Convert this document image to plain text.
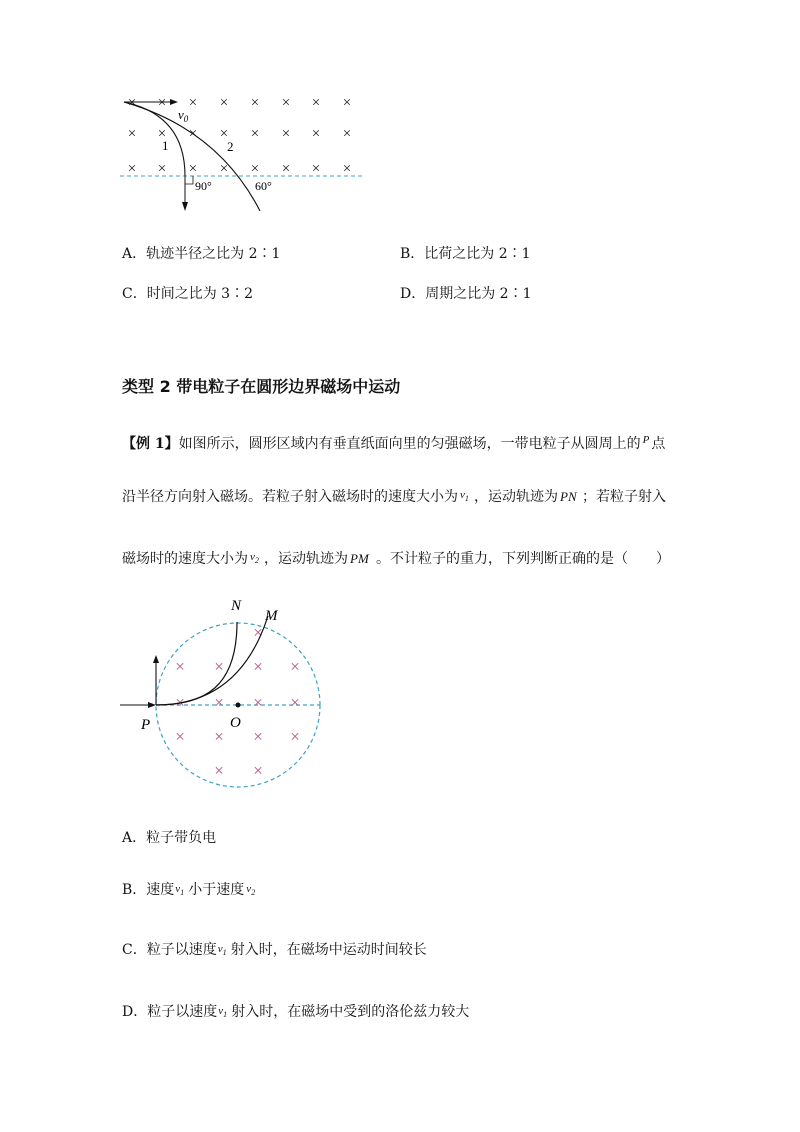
× × × × × × × ×
× × × × × × × ×
× × × × × × × ×
$v_0$
1	2
90°	60°
A．轨迹半径之比为 2∶1	B．比荷之比为 2∶1
C．时间之比为 3∶2	D．周期之比为 2∶1
类型 2 带电粒子在圆形边界磁场中运动
【例 1】如图所示，圆形区域内有垂直纸面向里的匀强磁场，一带电粒子从圆周上的 $^P$ 点
沿半径方向射入磁场。若粒子射入磁场时的速度大小为 $v_1$ ，运动轨迹为 PN ；若粒子射入
磁场时的速度大小为 $v_2$ ，运动轨迹为 PM 。不计粒子的重力，下列判断正确的是（　　）
×
× × × ×
× × × ×
× × × ×
× ×
N
M
P	O
A．粒子带负电
B．速度 $v_1$ 小于速度 $v_2$
C．粒子以速度 $v_1$ 射入时，在磁场中运动时间较长
D．粒子以速度 $v_1$ 射入时，在磁场中受到的洛伦兹力较大
